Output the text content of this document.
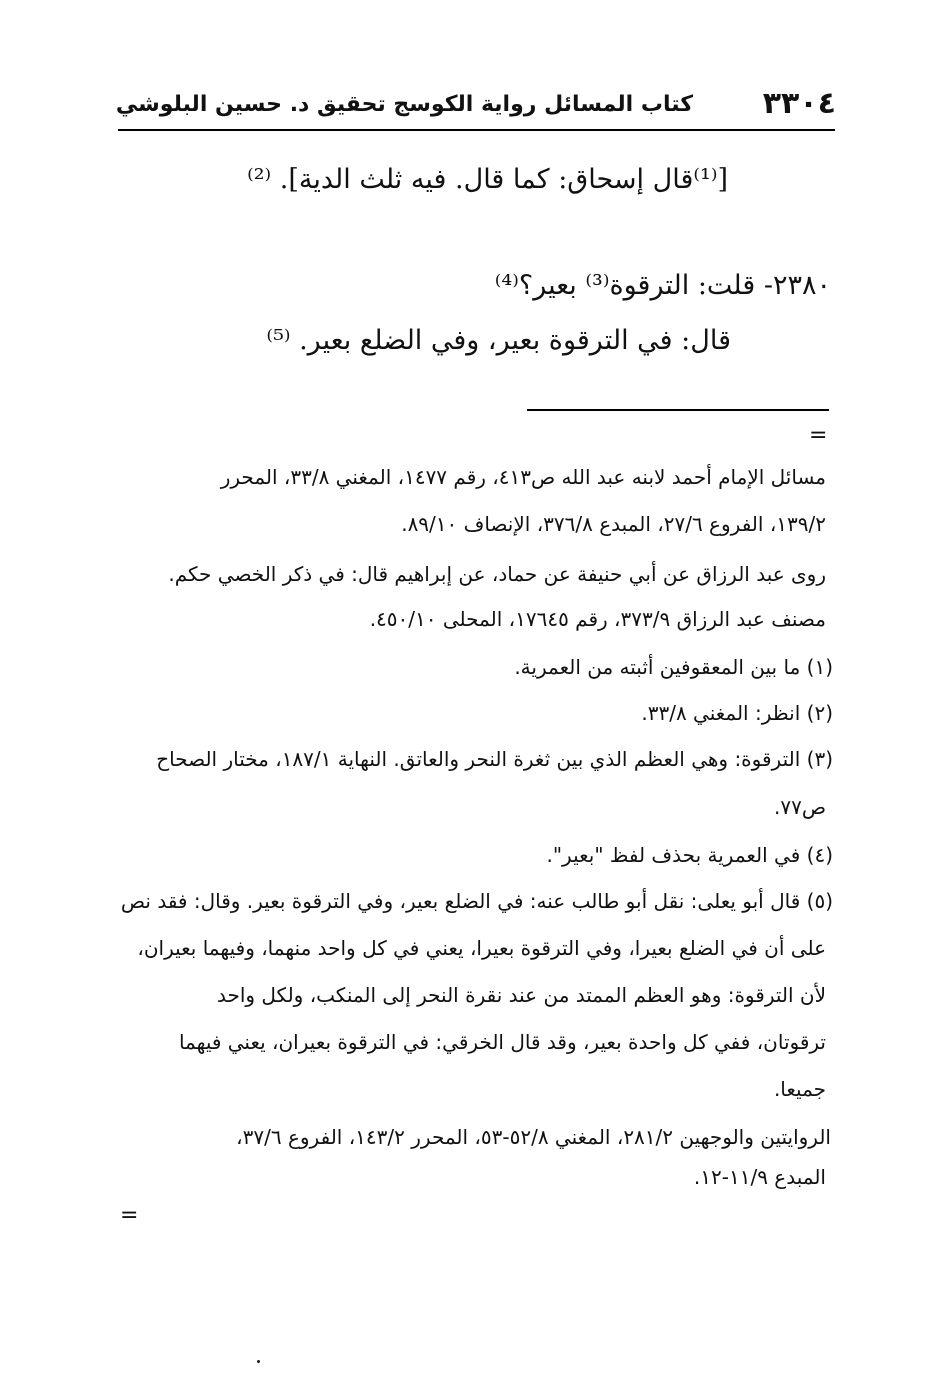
٣٣٠٤
كتاب المسائل رواية الكوسج تحقيق د. حسين البلوشي
[⁽¹⁾قال إسحاق: كما قال. فيه ثلث الدية]. ⁽²⁾
٢٣٨٠- قلت: الترقوة⁽³⁾ بعير؟⁽⁴⁾
قال: في الترقوة بعير، وفي الضلع بعير. ⁽⁵⁾
=
مسائل الإمام أحمد لابنه عبد الله ص٤١٣، رقم ١٤٧٧، المغني ٣٣/٨، المحرر
١٣٩/٢، الفروع ٢٧/٦، المبدع ٣٧٦/٨، الإنصاف ٨٩/١٠.
روى عبد الرزاق عن أبي حنيفة عن حماد، عن إبراهيم قال: في ذكر الخصي حكم.
مصنف عبد الرزاق ٣٧٣/٩، رقم ١٧٦٤٥، المحلى ٤٥٠/١٠.
(١) ما بين المعقوفين أثبته من العمرية.
(٢) انظر: المغني ٣٣/٨.
(٣) الترقوة: وهي العظم الذي بين ثغرة النحر والعاتق. النهاية ١٨٧/١، مختار الصحاح
ص٧٧.
(٤) في العمرية بحذف لفظ "بعير".
(٥) قال أبو يعلى: نقل أبو طالب عنه: في الضلع بعير، وفي الترقوة بعير. وقال: فقد نص
على أن في الضلع بعيرا، وفي الترقوة بعيرا، يعني في كل واحد منهما، وفيهما بعيران،
لأن الترقوة: وهو العظم الممتد من عند نقرة النحر إلى المنكب، ولكل واحد
ترقوتان، ففي كل واحدة بعير، وقد قال الخرقي: في الترقوة بعيران، يعني فيهما
جميعا.
الروايتين والوجهين ٢٨١/٢، المغني ٥٢/٨-٥٣، المحرر ١٤٣/٢، الفروع ٣٧/٦،
المبدع ١١/٩-١٢.
=
